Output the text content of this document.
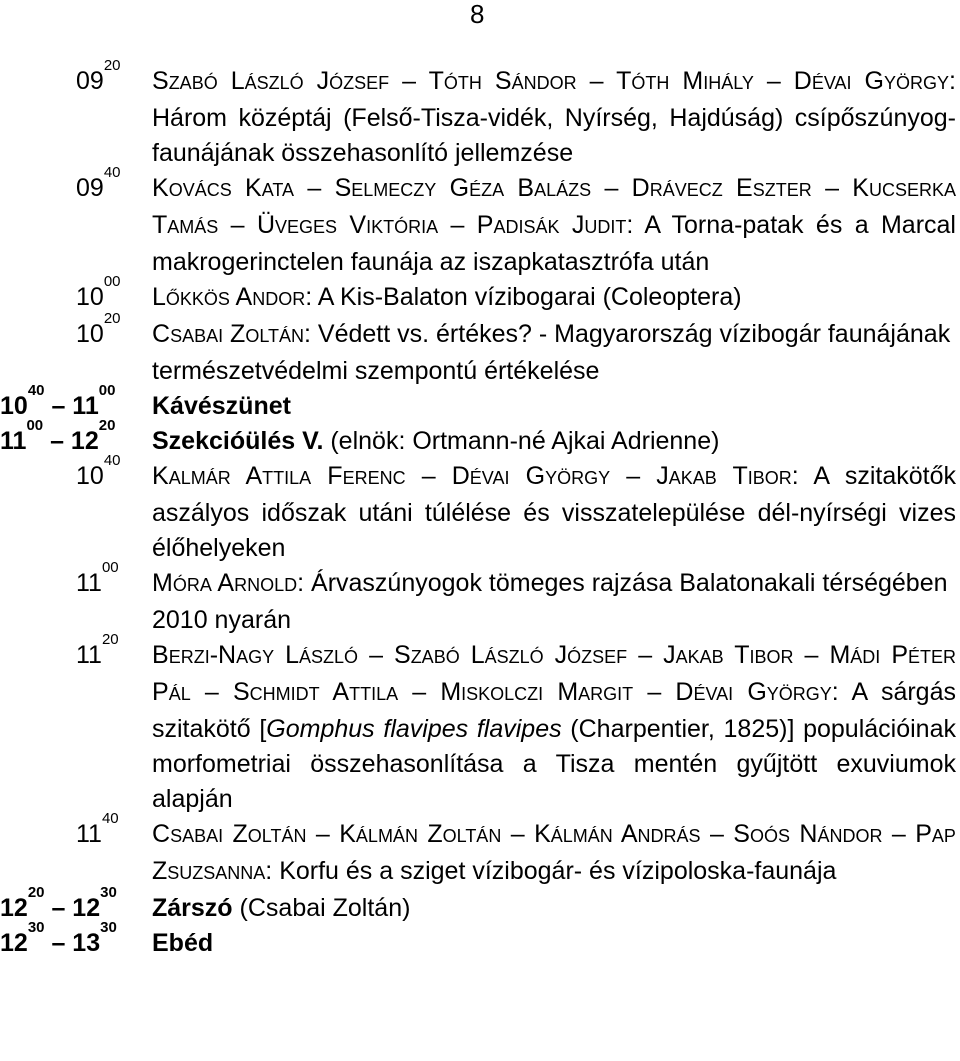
8
$09^{20}$
SZABÓ LÁSZLÓ JÓZSEF – TÓTH SÁNDOR – TÓTH MIHÁLY – DÉVAI GYÖRGY: Három középtáj (Felső-Tisza-vidék, Nyírség, Hajdúság) csípőszúnyog-faunájának összehasonlító jellemzése
$09^{40}$
KOVÁCS KATA – SELMECZY GÉZA BALÁZS – DRÁVECZ ESZTER – KUCSERKA TAMÁS – ÜVEGES VIKTÓRIA – PADISÁK JUDIT: A Torna-patak és a Marcal makrogerinctelen faunája az iszapkatasztrófa után
$10^{00}$
LŐKKÖS ANDOR: A Kis-Balaton vízibogarai (Coleoptera)
$10^{20}$
CSABAI ZOLTÁN: Védett vs. értékes? - Magyarország vízibogár faunájának természetvédelmi szempontú értékelése
$10^{40} - 11^{00}$
Kávészünet
$11^{00} - 12^{20}$
Szekcióülés V. (elnök: Ortmann-né Ajkai Adrienne)
$10^{40}$
KALMÁR ATTILA FERENC – DÉVAI GYÖRGY – JAKAB TIBOR: A szitakötők aszályos időszak utáni túlélése és visszatelepülése dél-nyírségi vizes élőhelyeken
$11^{00}$
MÓRA ARNOLD: Árvaszúnyogok tömeges rajzása Balatonakali térségében 2010 nyarán
$11^{20}$
BERZI-NAGY LÁSZLÓ – SZABÓ LÁSZLÓ JÓZSEF – JAKAB TIBOR – MÁDI PÉTER PÁL – SCHMIDT ATTILA – MISKOLCZI MARGIT – DÉVAI GYÖRGY: A sárgás szitakötő [Gomphus flavipes flavipes (Charpentier, 1825)] populációinak morfometriai összehasonlítása a Tisza mentén gyűjtött exuviumok alapján
$11^{40}$
CSABAI ZOLTÁN – KÁLMÁN ZOLTÁN – KÁLMÁN ANDRÁS – SOÓS NÁNDOR – PAP ZSUZSANNA: Korfu és a sziget vízibogár- és vízipoloska-faunája
$12^{20} - 12^{30}$
Zárszó (Csabai Zoltán)
$12^{30} - 13^{30}$
Ebéd
